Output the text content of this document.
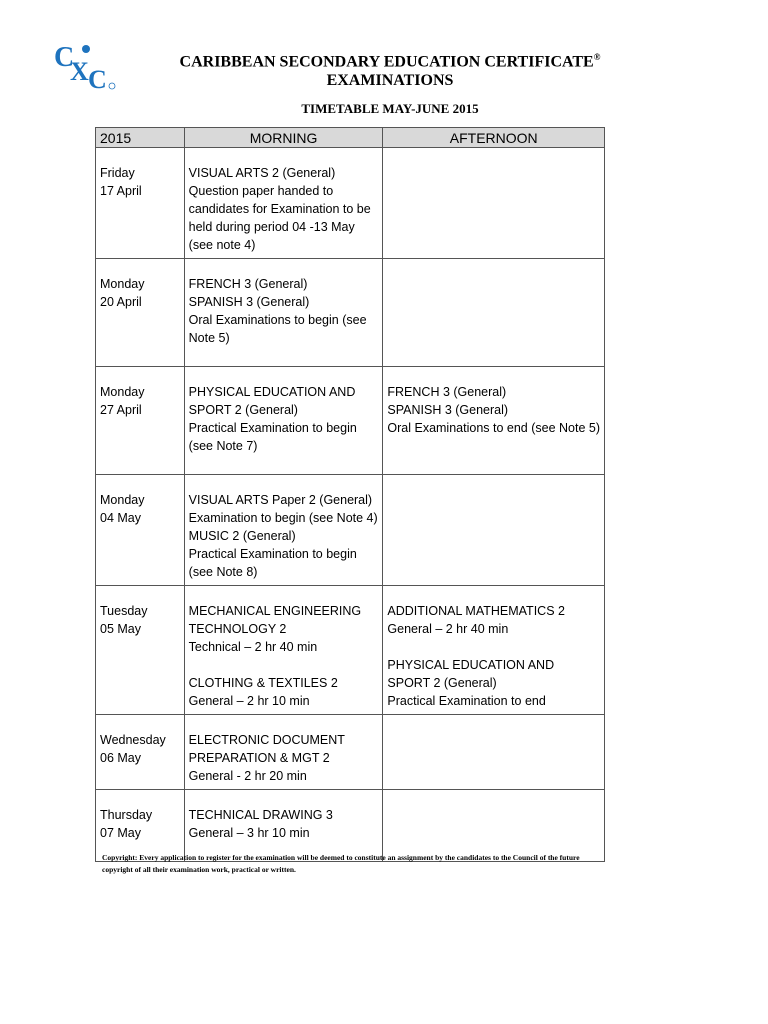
C
X C
CARIBBEAN SECONDARY EDUCATION CERTIFICATE®
EXAMINATIONS
TIMETABLE MAY-JUNE 2015
2015	MORNING	AFTERNOON

Friday
17 April	VISUAL ARTS 2 (General)
Question paper handed to
candidates for Examination to be
held during period 04 -13 May
(see note 4)	

Monday
20 April	FRENCH 3 (General)
SPANISH 3 (General)
Oral Examinations to begin (see
Note 5)	

Monday
27 April	PHYSICAL EDUCATION AND
SPORT 2 (General)
Practical Examination to begin
(see Note 7)	FRENCH 3 (General)
SPANISH 3 (General)
Oral Examinations to end (see Note 5)

Monday
04 May	VISUAL ARTS Paper 2 (General)
Examination to begin (see Note 4)
MUSIC 2 (General)
Practical Examination to begin
(see Note 8)	

Tuesday
05 May	MECHANICAL ENGINEERING
TECHNOLOGY 2
Technical – 2 hr 40 min
CLOTHING & TEXTILES 2
General – 2 hr 10 min	ADDITIONAL MATHEMATICS 2
General – 2 hr 40 min
PHYSICAL EDUCATION AND
SPORT 2 (General)
Practical Examination to end

Wednesday
06 May	ELECTRONIC DOCUMENT
PREPARATION & MGT 2
General - 2 hr 20 min	

Thursday
07 May	TECHNICAL DRAWING 3
General – 3 hr 10 min	

Copyright: Every application to register for the examination will be deemed to constitute an assignment by the candidates to the Council of the future
copyright of all their examination work, practical or written.
